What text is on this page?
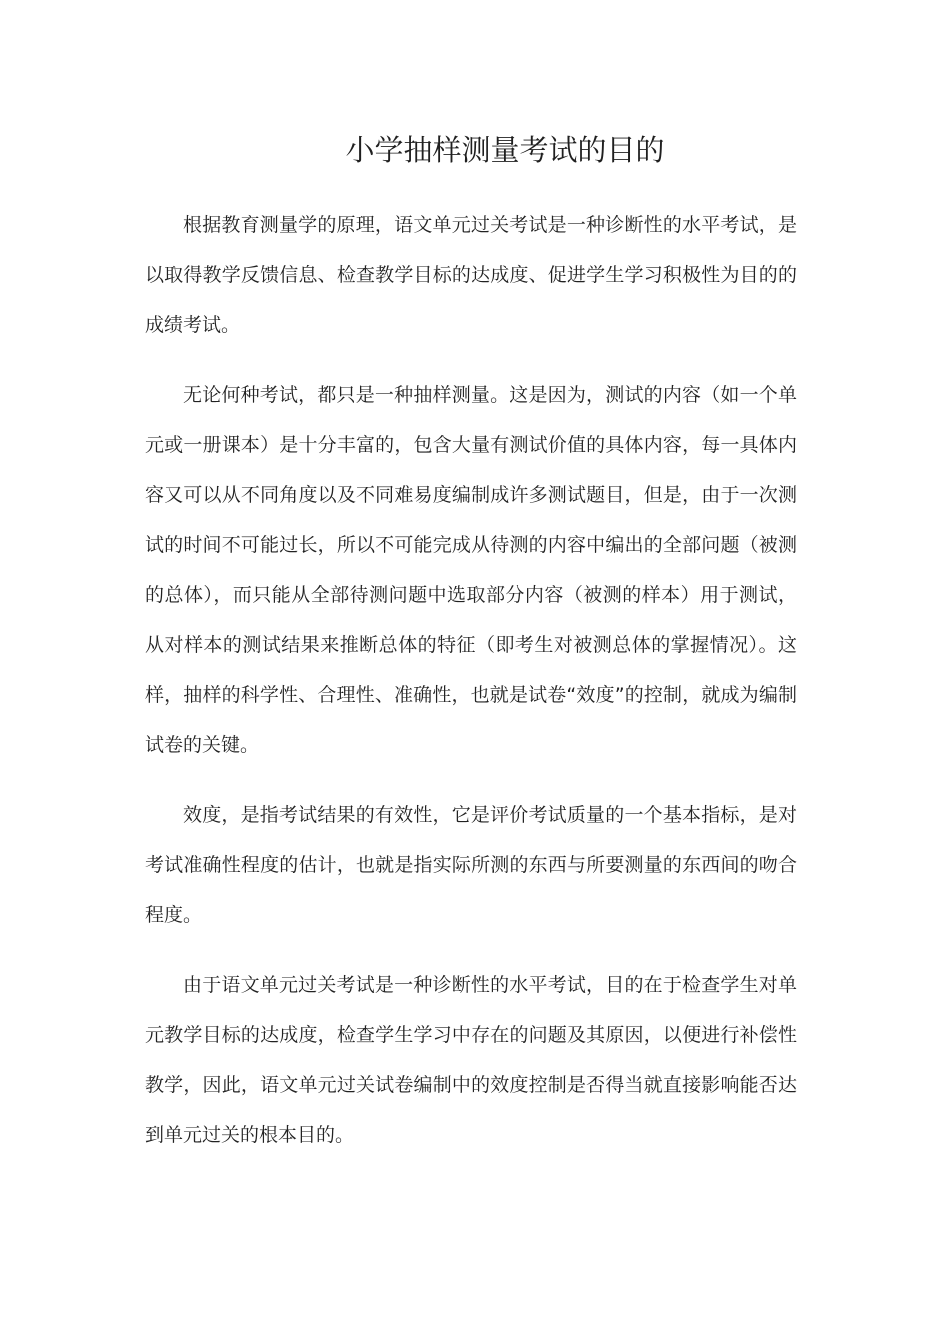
小学抽样测量考试的目的

根据教育测量学的原理，语文单元过关考试是一种诊断性的水平考试，是以取得教学反馈信息、检查教学目标的达成度、促进学生学习积极性为目的的成绩考试。

无论何种考试，都只是一种抽样测量。这是因为，测试的内容（如一个单元或一册课本）是十分丰富的，包含大量有测试价值的具体内容，每一具体内容又可以从不同角度以及不同难易度编制成许多测试题目，但是，由于一次测试的时间不可能过长，所以不可能完成从待测的内容中编出的全部问题（被测的总体），而只能从全部待测问题中选取部分内容（被测的样本）用于测试，从对样本的测试结果来推断总体的特征（即考生对被测总体的掌握情况）。这样，抽样的科学性、合理性、准确性，也就是试卷“效度”的控制，就成为编制试卷的关键。

效度，是指考试结果的有效性，它是评价考试质量的一个基本指标，是对考试准确性程度的估计，也就是指实际所测的东西与所要测量的东西间的吻合程度。

由于语文单元过关考试是一种诊断性的水平考试，目的在于检查学生对单元教学目标的达成度，检查学生学习中存在的问题及其原因，以便进行补偿性教学，因此，语文单元过关试卷编制中的效度控制是否得当就直接影响能否达到单元过关的根本目的。
